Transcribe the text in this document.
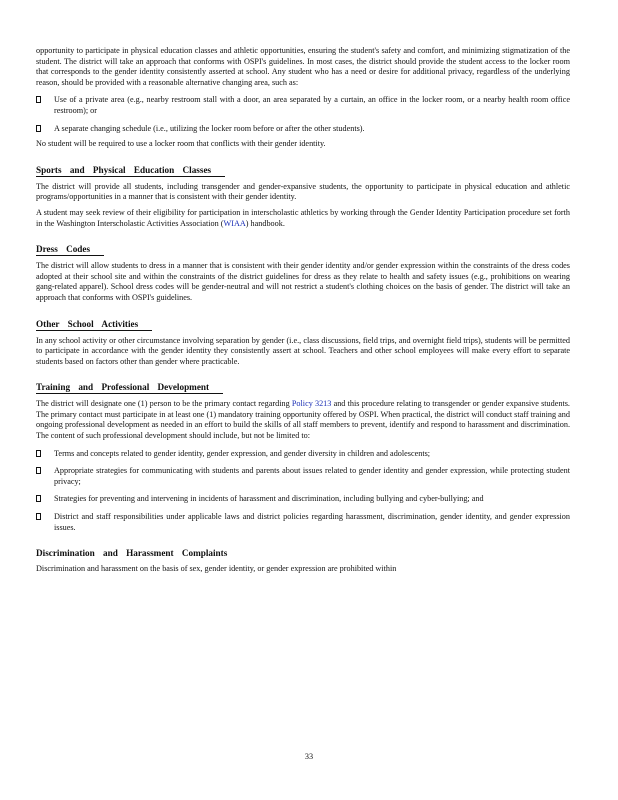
opportunity to participate in physical education classes and athletic opportunities, ensuring the student's safety and comfort, and minimizing stigmatization of the student. The district will take an approach that conforms with OSPI's guidelines. In most cases, the district should provide the student access to the locker room that corresponds to the gender identity consistently asserted at school. Any student who has a need or desire for additional privacy, regardless of the underlying reason, should be provided with a reasonable alternative changing area, such as:

Use of a private area (e.g., nearby restroom stall with a door, an area separated by a curtain, an office in the locker room, or a nearby health room office restroom); or
A separate changing schedule (i.e., utilizing the locker room before or after the other students).

No student will be required to use a locker room that conflicts with their gender identity.

Sports and Physical Education Classes

The district will provide all students, including transgender and gender-expansive students, the opportunity to participate in physical education and athletic programs/opportunities in a manner that is consistent with their gender identity.

A student may seek review of their eligibility for participation in interscholastic athletics by working through the Gender Identity Participation procedure set forth in the Washington Interscholastic Activities Association (WIAA) handbook.

Dress Codes

The district will allow students to dress in a manner that is consistent with their gender identity and/or gender expression within the constraints of the dress codes adopted at their school site and within the constraints of the district guidelines for dress as they relate to health and safety issues (e.g., prohibitions on wearing gang-related apparel). School dress codes will be gender-neutral and will not restrict a student's clothing choices on the basis of gender. The district will take an approach that conforms with OSPI's guidelines.

Other School Activities

In any school activity or other circumstance involving separation by gender (i.e., class discussions, field trips, and overnight field trips), students will be permitted to participate in accordance with the gender identity they consistently assert at school. Teachers and other school employees will make every effort to separate students based on factors other than gender where practicable.

Training and Professional Development

The district will designate one (1) person to be the primary contact regarding Policy 3213 and this procedure relating to transgender or gender expansive students. The primary contact must participate in at least one (1) mandatory training opportunity offered by OSPI. When practical, the district will conduct staff training and ongoing professional development as needed in an effort to build the skills of all staff members to prevent, identify and respond to harassment and discrimination. The content of such professional development should include, but not be limited to:

Terms and concepts related to gender identity, gender expression, and gender diversity in children and adolescents;
Appropriate strategies for communicating with students and parents about issues related to gender identity and gender expression, while protecting student privacy;
Strategies for preventing and intervening in incidents of harassment and discrimination, including bullying and cyber-bullying; and
District and staff responsibilities under applicable laws and district policies regarding harassment, discrimination, gender identity, and gender expression issues.
Discrimination and Harassment Complaints

Discrimination and harassment on the basis of sex, gender identity, or gender expression are prohibited within

33
